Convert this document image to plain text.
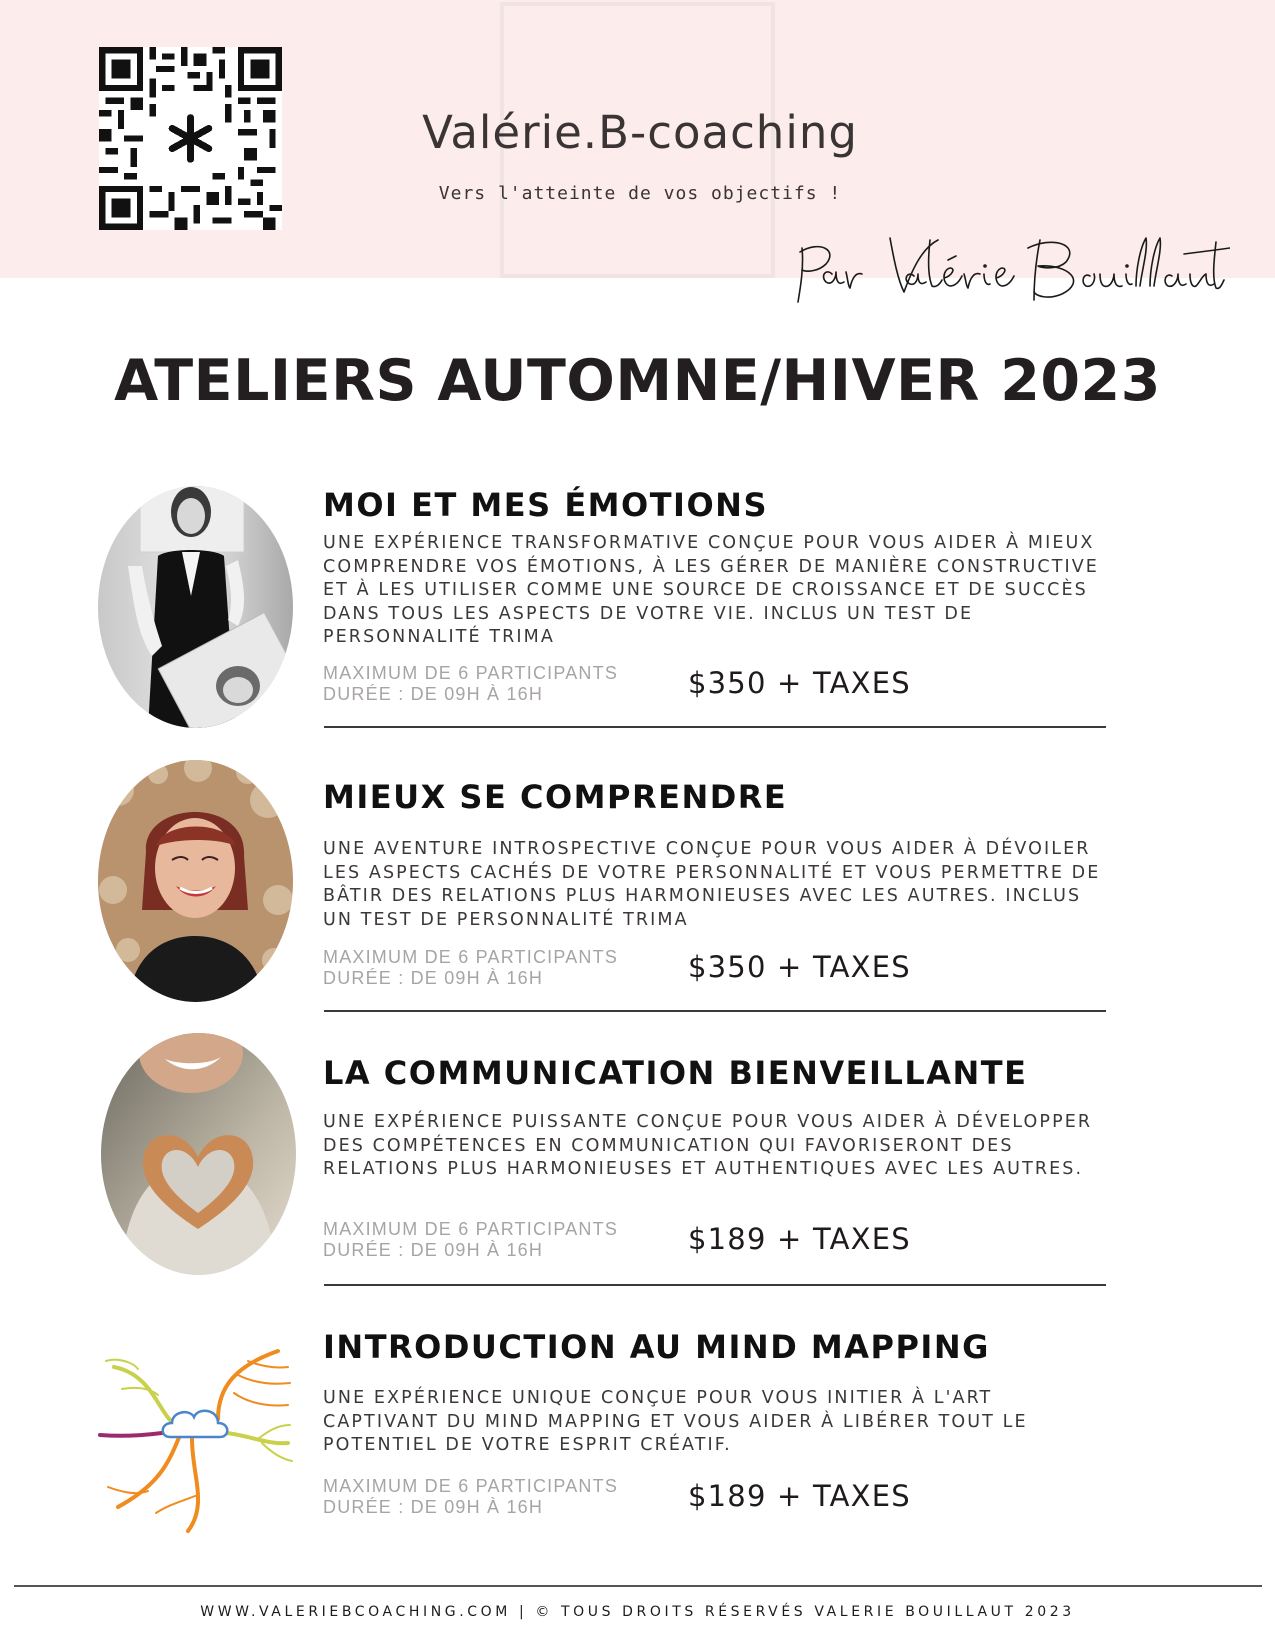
Valérie.B-coaching
Vers l'atteinte de vos objectifs !
ATELIERS AUTOMNE/HIVER 2023
MOI ET MES ÉMOTIONS
UNE EXPÉRIENCE TRANSFORMATIVE CONÇUE POUR VOUS AIDER À MIEUX COMPRENDRE VOS ÉMOTIONS, À LES GÉRER DE MANIÈRE CONSTRUCTIVE ET À LES UTILISER COMME UNE SOURCE DE CROISSANCE ET DE SUCCÈS DANS TOUS LES ASPECTS DE VOTRE VIE. INCLUS UN TEST DE PERSONNALITÉ TRIMA
MAXIMUM DE 6 PARTICIPANTS
DURÉE : DE 09H À 16H	$350 + TAXES
MIEUX SE COMPRENDRE
UNE AVENTURE INTROSPECTIVE CONÇUE POUR VOUS AIDER À DÉVOILER LES ASPECTS CACHÉS DE VOTRE PERSONNALITÉ ET VOUS PERMETTRE DE BÂTIR DES RELATIONS PLUS HARMONIEUSES AVEC LES AUTRES. INCLUS UN TEST DE PERSONNALITÉ TRIMA
MAXIMUM DE 6 PARTICIPANTS
DURÉE : DE 09H À 16H	$350 + TAXES
LA COMMUNICATION BIENVEILLANTE
UNE EXPÉRIENCE PUISSANTE CONÇUE POUR VOUS AIDER À DÉVELOPPER DES COMPÉTENCES EN COMMUNICATION QUI FAVORISERONT DES RELATIONS PLUS HARMONIEUSES ET AUTHENTIQUES AVEC LES AUTRES.
MAXIMUM DE 6 PARTICIPANTS
DURÉE : DE 09H À 16H	$189 + TAXES
INTRODUCTION AU MIND MAPPING
UNE EXPÉRIENCE UNIQUE CONÇUE POUR VOUS INITIER À L'ART CAPTIVANT DU MIND MAPPING ET VOUS AIDER À LIBÉRER TOUT LE POTENTIEL DE VOTRE ESPRIT CRÉATIF.
MAXIMUM DE 6 PARTICIPANTS
DURÉE : DE 09H À 16H	$189 + TAXES
WWW.VALERIEBCOACHING.COM | © TOUS DROITS RÉSERVÉS VALERIE BOUILLAUT 2023
